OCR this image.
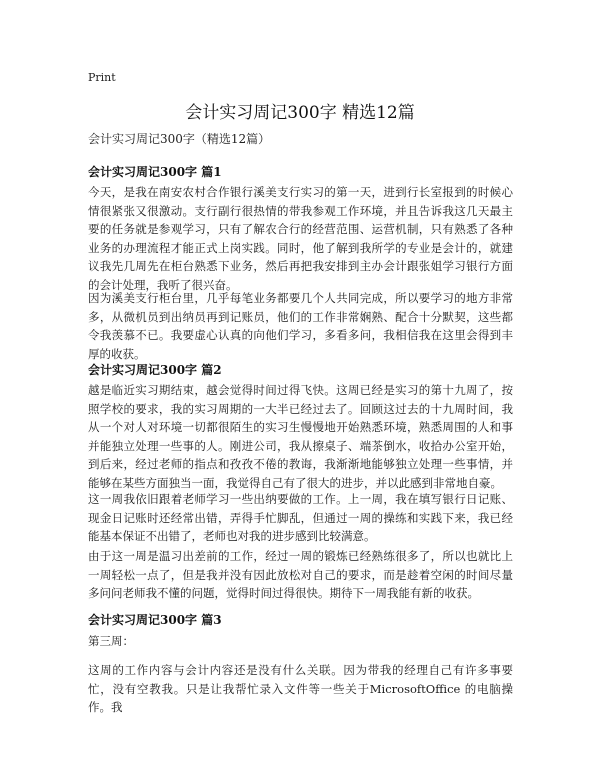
Print
会计实习周记300字 精选12篇
会计实习周记300字（精选12篇）
会计实习周记300字 篇1

今天，是我在南安农村合作银行溪美支行实习的第一天，进到行长室报到的时候心情很紧张又很激动。支行副行很热情的带我参观工作环境，并且告诉我这几天最主要的任务就是参观学习，只有了解农合行的经营范围、运营机制，只有熟悉了各种业务的办理流程才能正式上岗实践。同时，他了解到我所学的专业是会计的，就建议我先几周先在柜台熟悉下业务，然后再把我安排到主办会计跟张姐学习银行方面的会计处理，我听了很兴奋。

因为溪美支行柜台里，几乎每笔业务都要几个人共同完成，所以要学习的地方非常多，从微机员到出纳员再到记账员，他们的工作非常娴熟、配合十分默契，这些都令我羡慕不已。我要虚心认真的向他们学习，多看多问，我相信我在这里会得到丰厚的收获。

会计实习周记300字 篇2

越是临近实习期结束，越会觉得时间过得飞快。这周已经是实习的第十九周了，按照学校的要求，我的实习周期的一大半已经过去了。回顾这过去的十九周时间，我从一个对人对环境一切都很陌生的实习生慢慢地开始熟悉环境，熟悉周围的人和事并能独立处理一些事的人。刚进公司，我从擦桌子、端茶倒水，收拾办公室开始，到后来，经过老师的指点和孜孜不倦的教诲，我渐渐地能够独立处理一些事情，并能够在某些方面独当一面，我觉得自己有了很大的进步，并以此感到非常地自豪。

这一周我依旧跟着老师学习一些出纳要做的工作。上一周，我在填写银行日记账、现金日记账时还经常出错，弄得手忙脚乱，但通过一周的操练和实践下来，我已经能基本保证不出错了，老师也对我的进步感到比较满意。

由于这一周是温习出差前的工作，经过一周的锻炼已经熟练很多了，所以也就比上一周轻松一点了，但是我并没有因此放松对自己的要求，而是趁着空闲的时间尽量多问问老师我不懂的问题，觉得时间过得很快。期待下一周我能有新的收获。

会计实习周记300字 篇3

第三周：

这周的工作内容与会计内容还是没有什么关联。因为带我的经理自己有许多事要忙，没有空教我。只是让我帮忙录入文件等一些关于MicrosoftOffice 的电脑操作。我
